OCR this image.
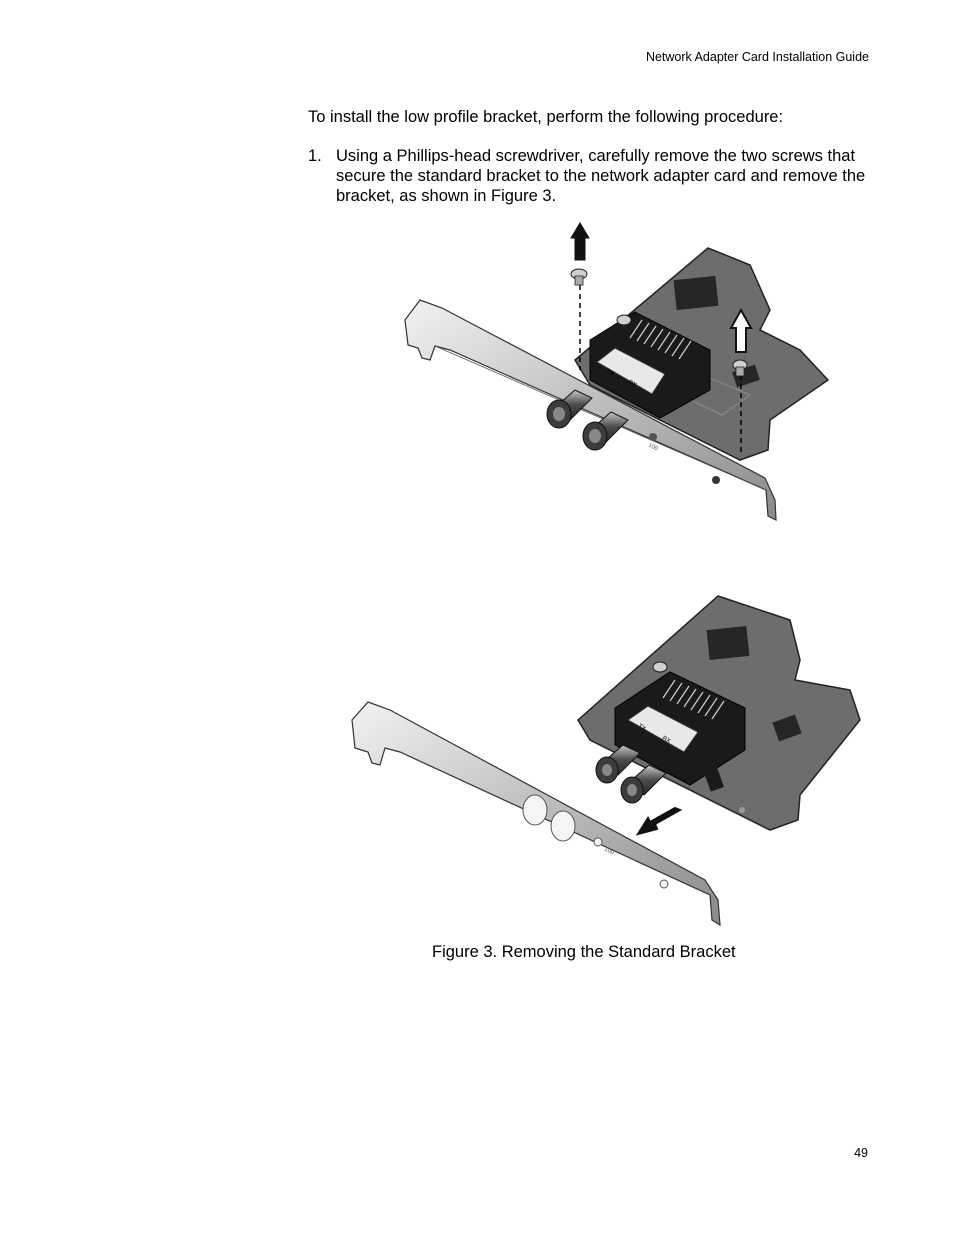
Network Adapter Card Installation Guide
To install the low profile bracket, perform the following procedure:
1. Using a Phillips-head screwdriver, carefully remove the two screws that secure the standard bracket to the network adapter card and remove the bracket, as shown in Figure 3.
TX
RX
100
TX
RX
100
Figure 3. Removing the Standard Bracket
49
